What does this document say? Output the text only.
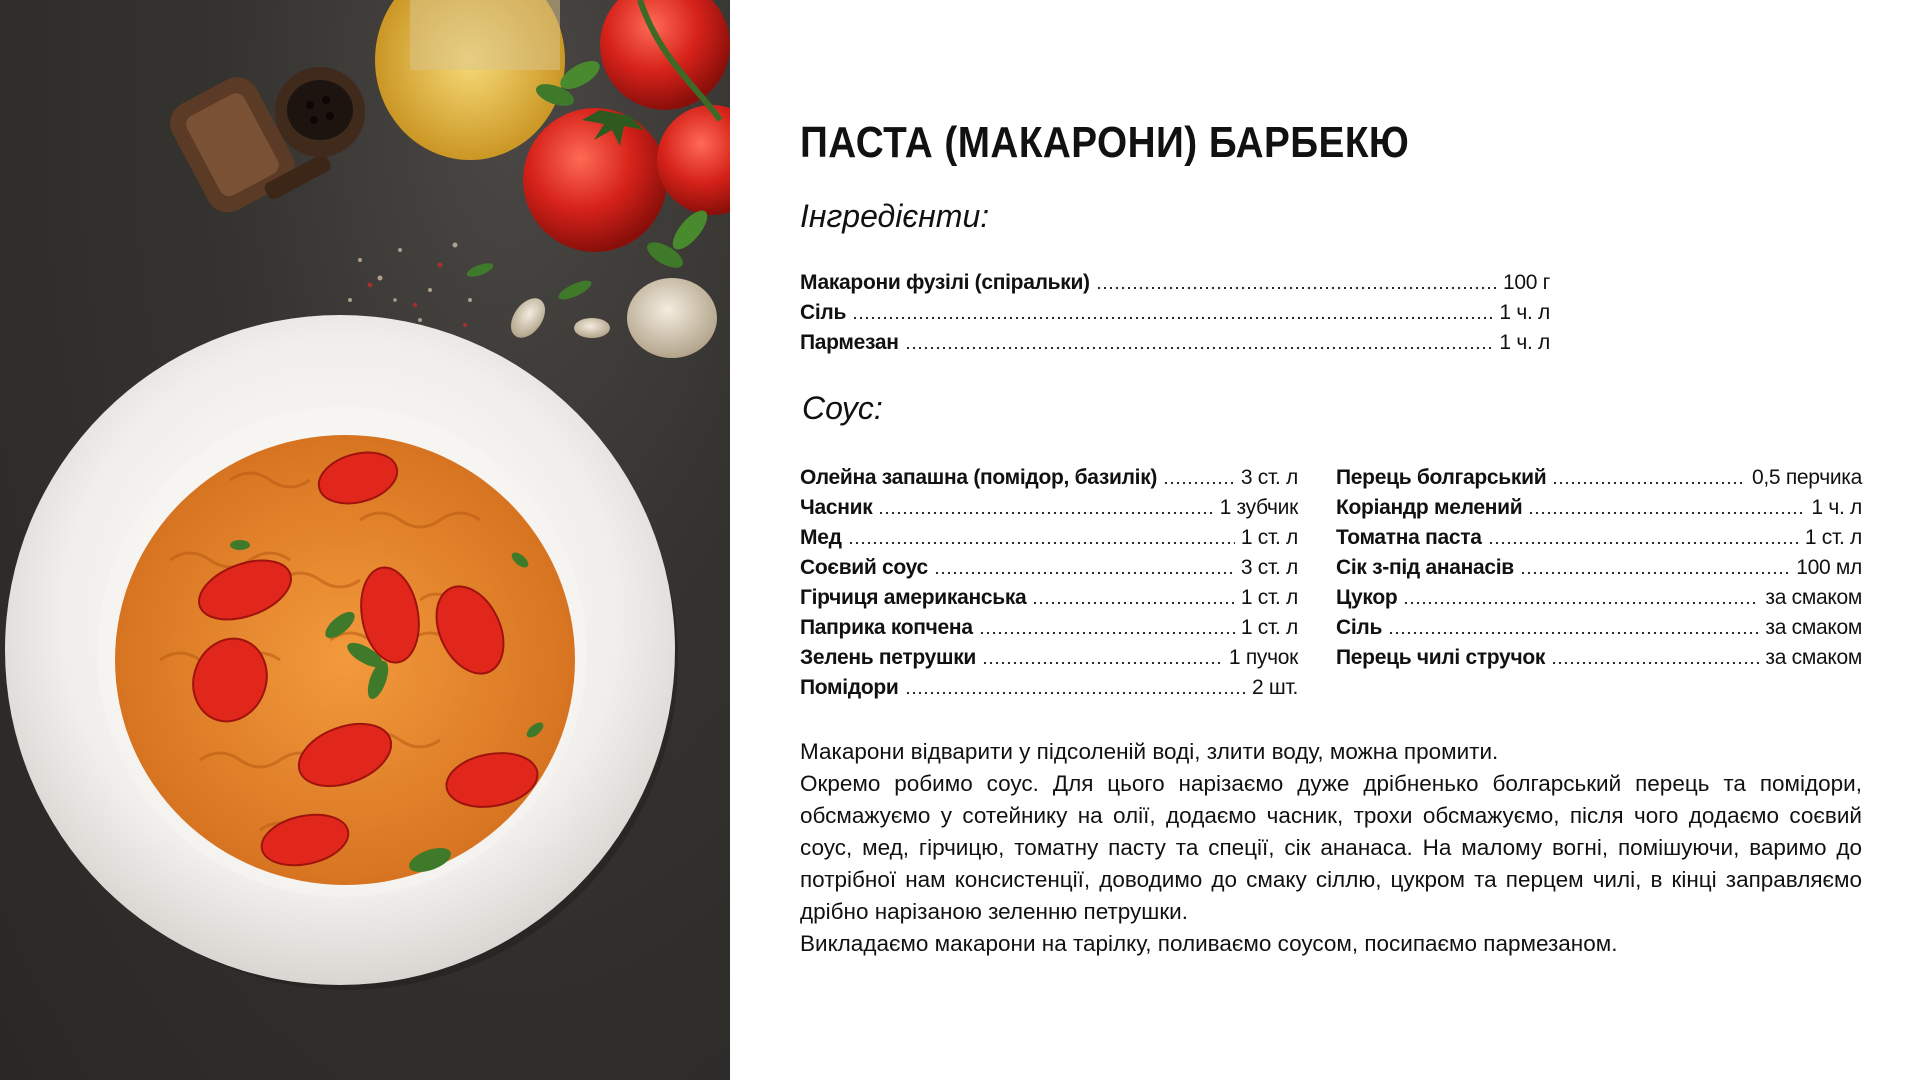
ПАСТА (МАКАРОНИ) БАРБЕКЮ
Інгредієнти:
Макарони фузілі (спіральки)	100 г
Сіль	1 ч. л
Пармезан	1 ч. л
Соус:
Олейна запашна (помідор, базилік)	3 ст. л
Часник	1 зубчик
Мед	1 ст. л
Соєвий соус	3 ст. л
Гірчиця американська	1 ст. л
Паприка копчена	1 ст. л
Зелень петрушки	1 пучок
Помідори	2 шт.
Перець болгарський	0,5 перчика
Коріандр мелений	1 ч. л
Томатна паста	1 ст. л
Сік з-під ананасів	100 мл
Цукор	за смаком
Сіль	за смаком
Перець чилі стручок	за смаком

Макарони відварити у підсоленій воді, злити воду, можна промити.

Окремо робимо соус. Для цього нарізаємо дуже дрібненько болгарський перець та помідори, обсмажуємо у сотейнику на олії, додаємо часник, трохи обсмажуємо, після чого додаємо соєвий соус, мед, гірчицю, томатну пасту та спеції, сік ананаса. На малому вогні, помішуючи, варимо до потрібної нам консистенції, доводимо до смаку сіллю, цукром та перцем чилі, в кінці заправляємо дрібно нарізаною зеленню петрушки.

Викладаємо макарони на тарілку, поливаємо соусом, посипаємо пармезаном.
